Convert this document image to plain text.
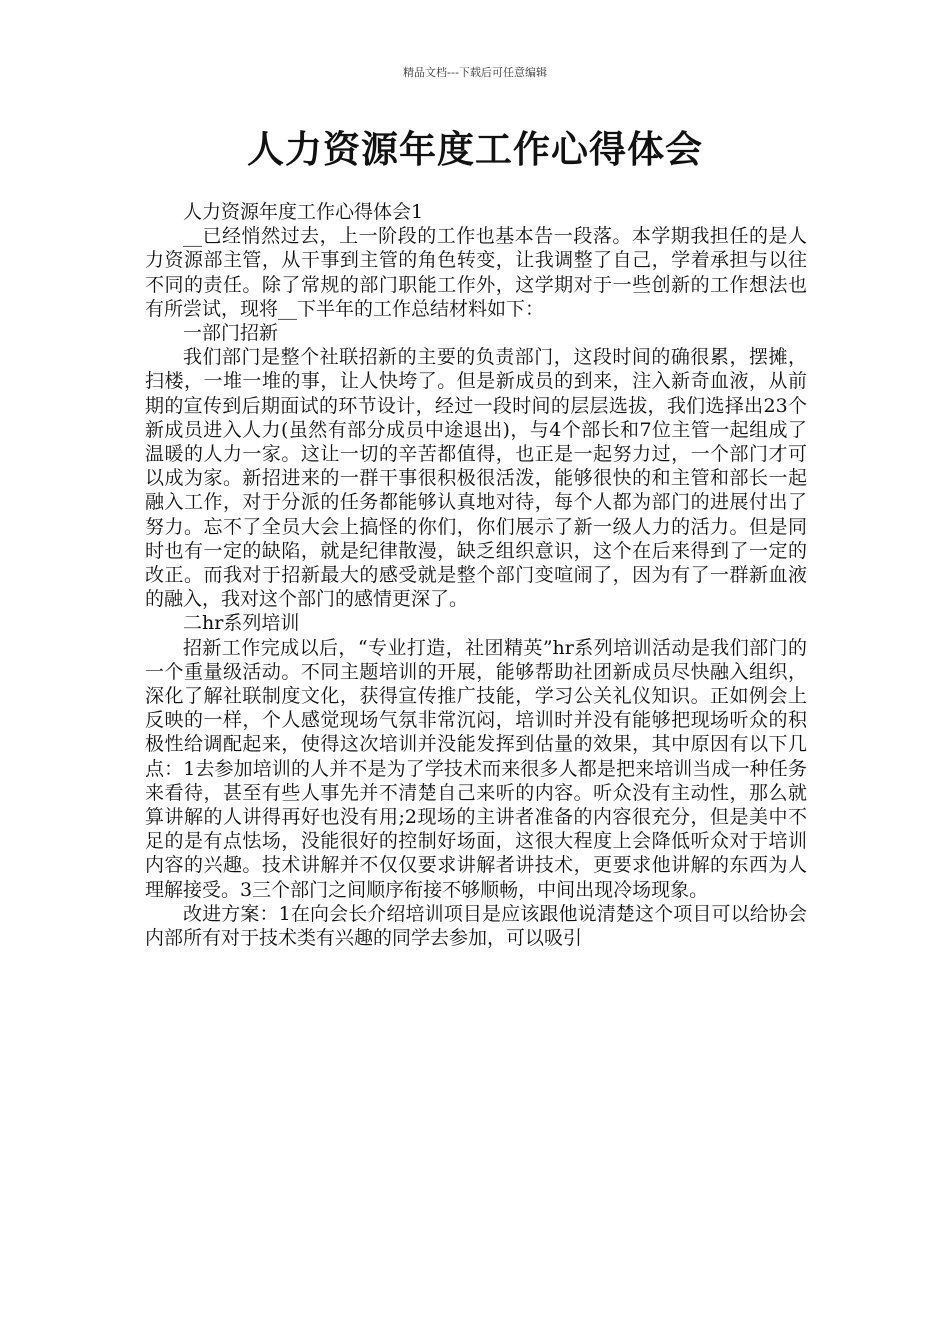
精品文档---下载后可任意编辑
人力资源年度工作心得体会

人力资源年度工作心得体会1

__已经悄然过去，上一阶段的工作也基本告一段落。本学期我担任的是人力资源部主管，从干事到主管的角色转变，让我调整了自己，学着承担与以往不同的责任。除了常规的部门职能工作外，这学期对于一些创新的工作想法也有所尝试，现将__下半年的工作总结材料如下：

一部门招新

我们部门是整个社联招新的主要的负责部门，这段时间的确很累，摆摊，扫楼，一堆一堆的事，让人快垮了。但是新成员的到来，注入新奇血液，从前期的宣传到后期面试的环节设计，经过一段时间的层层选拔，我们选择出23个新成员进入人力(虽然有部分成员中途退出)，与4个部长和7位主管一起组成了温暖的人力一家。这让一切的辛苦都值得，也正是一起努力过，一个部门才可以成为家。新招进来的一群干事很积极很活泼，能够很快的和主管和部长一起融入工作，对于分派的任务都能够认真地对待，每个人都为部门的进展付出了努力。忘不了全员大会上搞怪的你们，你们展示了新一级人力的活力。但是同时也有一定的缺陷，就是纪律散漫，缺乏组织意识，这个在后来得到了一定的改正。而我对于招新最大的感受就是整个部门变喧闹了，因为有了一群新血液的融入，我对这个部门的感情更深了。

二hr系列培训

招新工作完成以后，“专业打造，社团精英”hr系列培训活动是我们部门的一个重量级活动。不同主题培训的开展，能够帮助社团新成员尽快融入组织，深化了解社联制度文化，获得宣传推广技能，学习公关礼仪知识。正如例会上反映的一样，个人感觉现场气氛非常沉闷，培训时并没有能够把现场听众的积极性给调配起来，使得这次培训并没能发挥到估量的效果，其中原因有以下几点：1去参加培训的人并不是为了学技术而来很多人都是把来培训当成一种任务来看待，甚至有些人事先并不清楚自己来听的内容。听众没有主动性，那么就算讲解的人讲得再好也没有用;2现场的主讲者准备的内容很充分，但是美中不足的是有点怯场，没能很好的控制好场面，这很大程度上会降低听众对于培训内容的兴趣。技术讲解并不仅仅要求讲解者讲技术，更要求他讲解的东西为人理解接受。3三个部门之间顺序衔接不够顺畅，中间出现冷场现象。

改进方案：1在向会长介绍培训项目是应该跟他说清楚这个项目可以给协会内部所有对于技术类有兴趣的同学去参加，可以吸引
